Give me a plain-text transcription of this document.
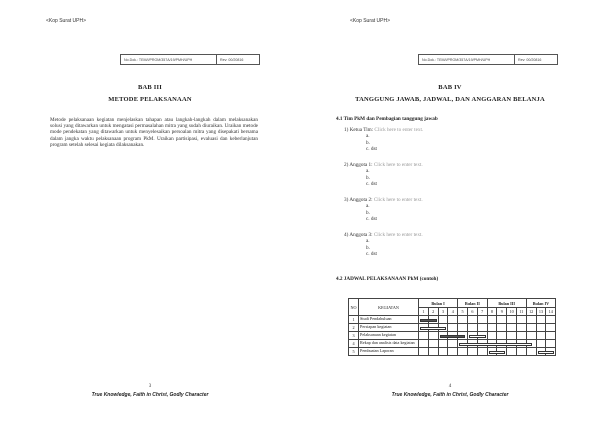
<Kop Surat UPH>
No.Dok.: TEM/I/PROM/357A/19/PMH/UPH	Rev: 00/20816
BAB III
METODE PELAKSANAAN
Metode pelaksanaan kegiatan menjelaskan tahapan atau langkah-langkah dalam melaksanakan solusi yang ditawarkan untuk mengatasi permasalahan mitra yang sudah diuraikan. Uraikan metode mode pendekatan yang ditawarkan untuk menyelesaikan persoalan mitra yang disepakati bersama dalam jangka waktu pelaksanaan program PkM. Uraikan partisipasi, evaluasi dan keberlanjutan program setelah selesai kegiata dilaksanakan.
3
True Knowledge, Faith in Christ, Godly Character
<Kop Surat UPH>
No.Dok.: TEM/I/PROM/357A/19/PMH/UPH	Rev: 00/20816
BAB IV
TANGGUNG JAWAB, JADWAL, DAN ANGGARAN BELANJA
4.1 Tim PkM dan Pembagian tanggung jawab
1) Ketua Tim: Click here to enter text.
a.
b.
c. dst
2) Anggota 1: Click here to enter text.
a.
b.
c. dst
3) Anggota 2: Click here to enter text.
a.
b.
c. dst
4) Anggota 3: Click here to enter text.
a.
b.
c. dst
4.2 JADWAL PELAKSANAAN PkM (contoh)
NO	KEGIATAN	Bulan I				Bulan II			Bulan III				Bulan IV		
		1	2	3	4	5	6	7	8	9	10	11	12	13	14
1	Studi Pendahuluan	

2	Persiapan kegiatan	

3	Pelaksanaan kegiatan			

4	Rekap dan analisis data kegiatan					

5	Pembuatan Laporan								

4
True Knowledge, Faith in Christ, Godly Character
